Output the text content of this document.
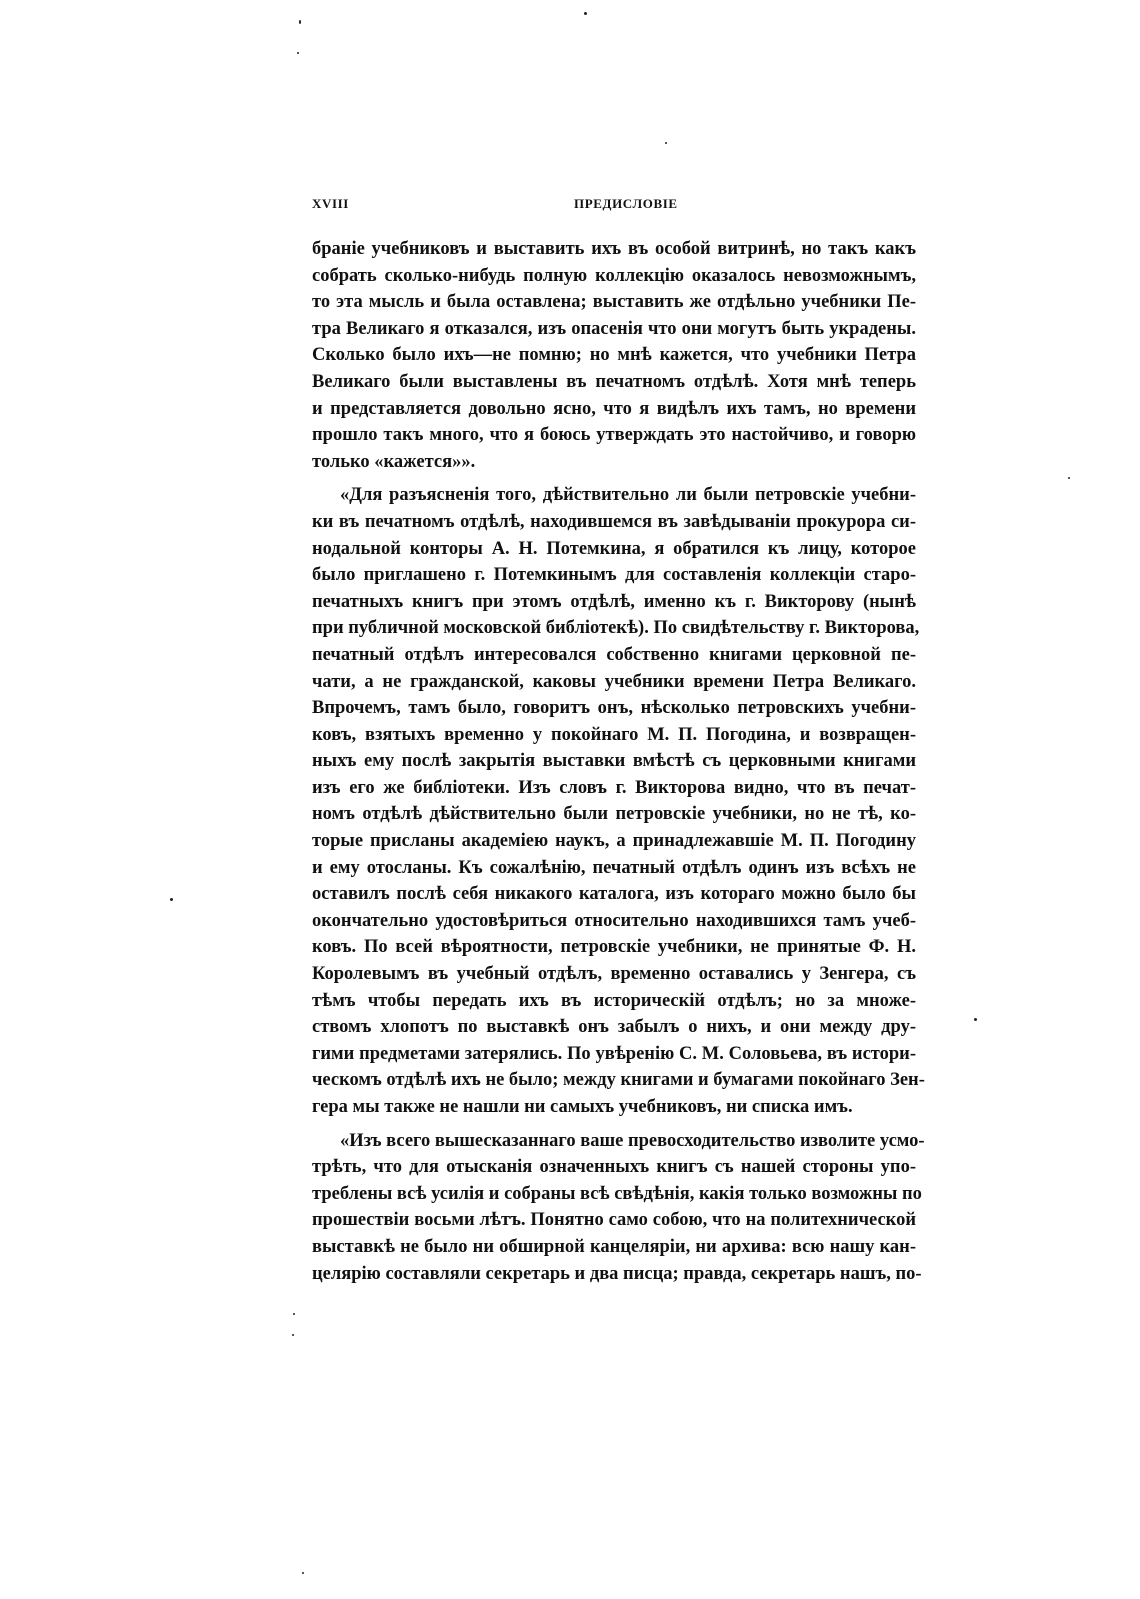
XVIII	ПРЕДИСЛОВІЕ
браніе учебниковъ и выставить ихъ въ особой витринѣ, но такъ какъ
собрать сколько-нибудь полную коллекцію оказалось невозможнымъ,
то эта мысль и была оставлена; выставить же отдѣльно учебники Пе-
тра Великаго я отказался, изъ опасенія что они могутъ быть украдены.
Сколько было ихъ—не помню; но мнѣ кажется, что учебники Петра
Великаго были выставлены въ печатномъ отдѣлѣ. Хотя мнѣ теперь
и представляется довольно ясно, что я видѣлъ ихъ тамъ, но времени
прошло такъ много, что я боюсь утверждать это настойчиво, и говорю
только «кажется»».
«Для разъясненія того, дѣйствительно ли были петровскіе учебни-
ки въ печатномъ отдѣлѣ, находившемся въ завѣдываніи прокурора си-
нодальной конторы А. Н. Потемкина, я обратился къ лицу, которое
было приглашено г. Потемкинымъ для составленія коллекціи старо-
печатныхъ книгъ при этомъ отдѣлѣ, именно къ г. Викторову (нынѣ
при публичной московской библіотекѣ). По свидѣтельству г. Викторова,
печатный отдѣлъ интересовался собственно книгами церковной пе-
чати, а не гражданской, каковы учебники времени Петра Великаго.
Впрочемъ, тамъ было, говоритъ онъ, нѣсколько петровскихъ учебни-
ковъ, взятыхъ временно у покойнаго М. П. Погодина, и возвращен-
ныхъ ему послѣ закрытія выставки вмѣстѣ съ церковными книгами
изъ его же библіотеки. Изъ словъ г. Викторова видно, что въ печат-
номъ отдѣлѣ дѣйствительно были петровскіе учебники, но не тѣ, ко-
торые присланы академіею наукъ, а принадлежавшіе М. П. Погодину
и ему отосланы. Къ сожалѣнію, печатный отдѣлъ одинъ изъ всѣхъ не
оставилъ послѣ себя никакого каталога, изъ котораго можно было бы
окончательно удостовѣриться относительно находившихся тамъ учеб-
ковъ. По всей вѣроятности, петровскіе учебники, не принятые Ф. Н.
Королевымъ въ учебный отдѣлъ, временно оставались у Зенгера, съ
тѣмъ чтобы передать ихъ въ историческій отдѣлъ; но за множе-
ствомъ хлопотъ по выставкѣ онъ забылъ о нихъ, и они между дру-
гими предметами затерялись. По увѣренію С. М. Соловьева, въ истори-
ческомъ отдѣлѣ ихъ не было; между книгами и бумагами покойнаго Зен-
гера мы также не нашли ни самыхъ учебниковъ, ни списка имъ.
«Изъ всего вышесказаннаго ваше превосходительство изволите усмо-
трѣть, что для отысканія означенныхъ книгъ съ нашей стороны упо-
треблены всѣ усилія и собраны всѣ свѣдѣнія, какія только возможны по
прошествіи восьми лѣтъ. Понятно само собою, что на политехнической
выставкѣ не было ни обширной канцеляріи, ни архива: всю нашу кан-
целярію составляли секретарь и два писца; правда, секретарь нашъ, по-
